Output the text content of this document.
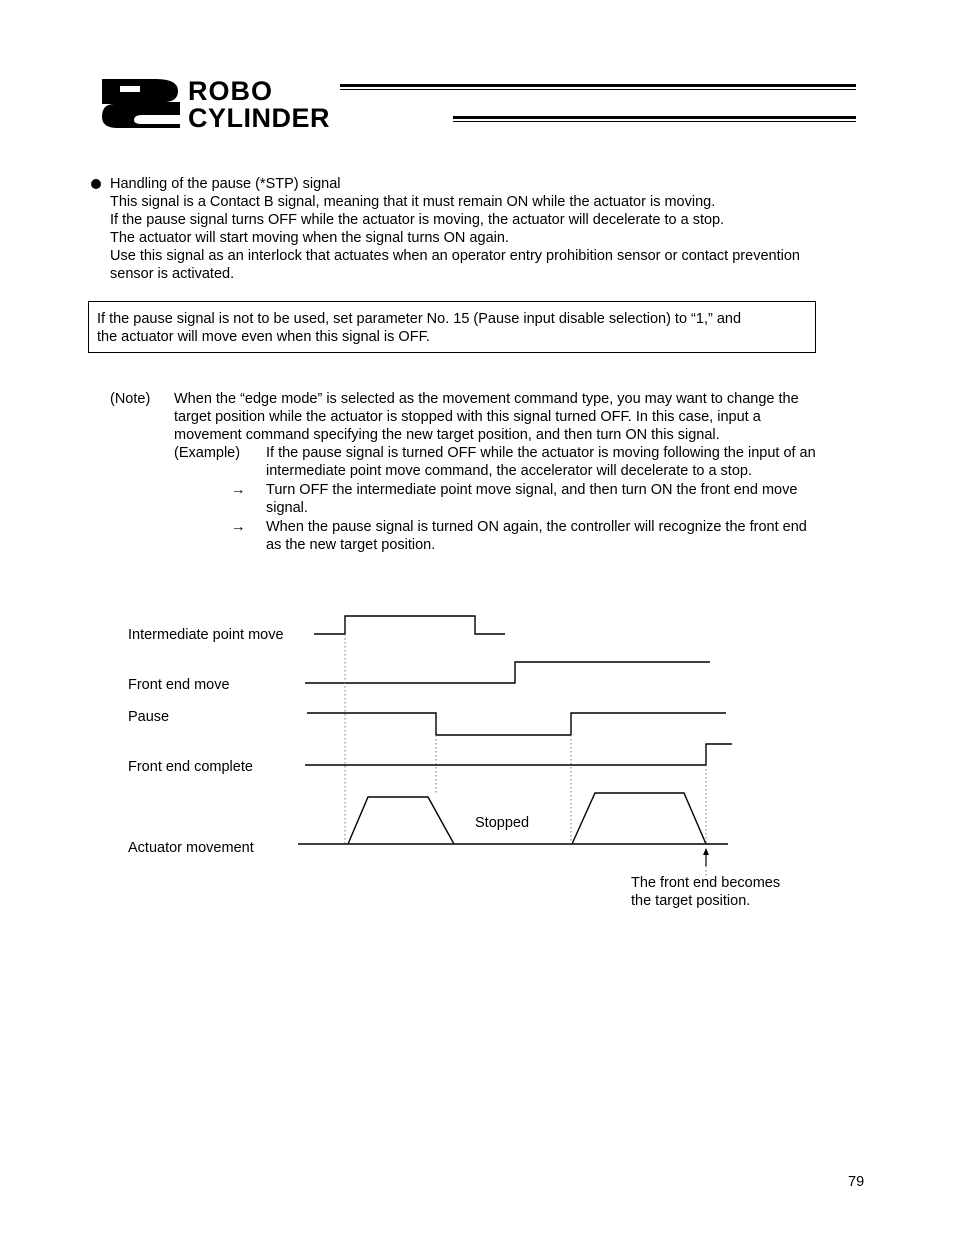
ROBO
CYLINDER
Handling of the pause (*STP) signal
This signal is a Contact B signal, meaning that it must remain ON while the actuator is moving.
If the pause signal turns OFF while the actuator is moving, the actuator will decelerate to a stop.
The actuator will start moving when the signal turns ON again.
Use this signal as an interlock that actuates when an operator entry prohibition sensor or contact prevention
sensor is activated.
If the pause signal is not to be used, set parameter No. 15 (Pause input disable selection) to “1,” and
the actuator will move even when this signal is OFF.
(Note) When the “edge mode” is selected as the movement command type, you may want to change the
target position while the actuator is stopped with this signal turned OFF. In this case, input a
movement command specifying the new target position, and then turn ON this signal.
(Example) If the pause signal is turned OFF while the actuator is moving following the input of an
intermediate point move command, the accelerator will decelerate to a stop.
→ Turn OFF the intermediate point move signal, and then turn ON the front end move
signal.
→ When the pause signal is turned ON again, the controller will recognize the front end
as the new target position.
Intermediate point move
Front end move
Pause
Front end complete
Actuator movement
Stopped
The front end becomes
the target position.
79
